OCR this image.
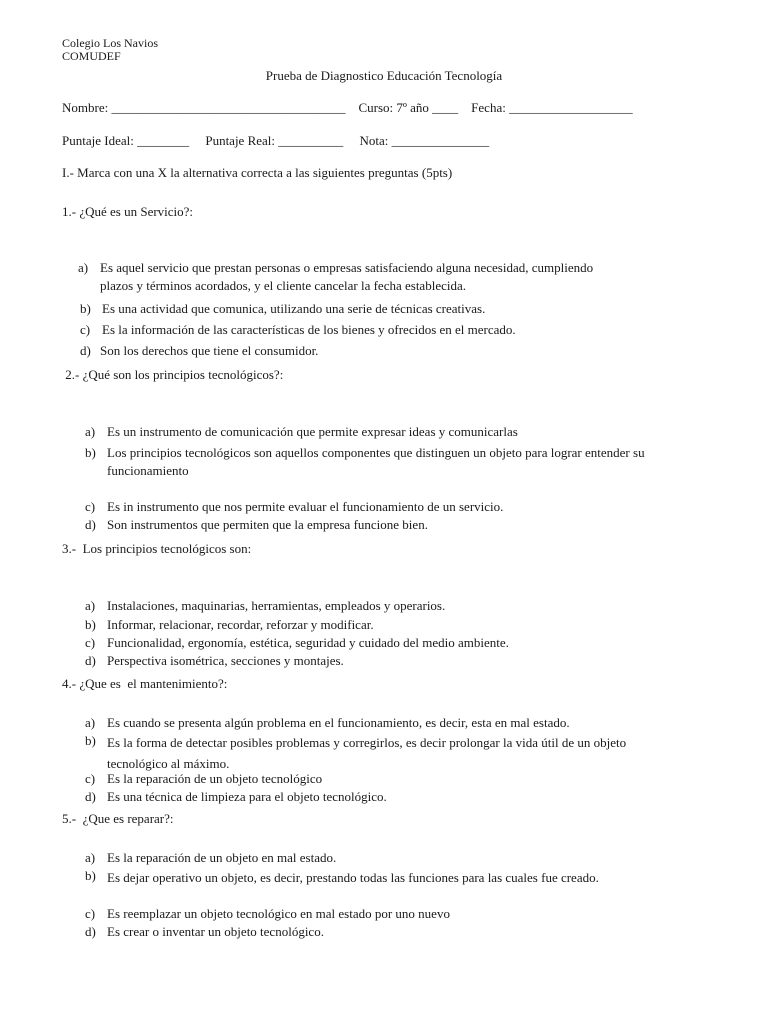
Colegio Los Navios
COMUDEF
Prueba de Diagnostico Educación Tecnología
Nombre: ____________________________________    Curso: 7º año ____    Fecha: ___________________
Puntaje Ideal: ________     Puntaje Real: __________     Nota: _______________
I.- Marca con una X la alternativa correcta a las siguientes preguntas (5pts)
1.- ¿Qué es un Servicio?:
a) Es aquel servicio que prestan personas o empresas satisfaciendo alguna necesidad, cumpliendo plazos y términos acordados, y el cliente cancelar la fecha establecida.
b) Es una actividad que comunica, utilizando una serie de técnicas creativas.
c) Es la información de las características de los bienes y ofrecidos en el mercado.
d) Son los derechos que tiene el consumidor.
2.- ¿Qué son los principios tecnológicos?:
a) Es un instrumento de comunicación que permite expresar ideas y comunicarlas
b) Los principios tecnológicos son aquellos componentes que distinguen un objeto para lograr entender su funcionamiento
c) Es in instrumento que nos permite evaluar el funcionamiento de un servicio.
d) Son instrumentos que permiten que la empresa funcione bien.
3.-  Los principios tecnológicos son:
a) Instalaciones, maquinarias, herramientas, empleados y operarios.
b) Informar, relacionar, recordar, reforzar y modificar.
c) Funcionalidad, ergonomía, estética, seguridad y cuidado del medio ambiente.
d) Perspectiva isométrica, secciones y montajes.
4.- ¿Que es  el mantenimiento?:
a) Es cuando se presenta algún problema en el funcionamiento, es decir, esta en mal estado.
b) Es la forma de detectar posibles problemas y corregirlos, es decir prolongar la vida útil de un objeto tecnológico al máximo.
c) Es la reparación de un objeto tecnológico
d) Es una técnica de limpieza para el objeto tecnológico.
5.-  ¿Que es reparar?:
a) Es la reparación de un objeto en mal estado.
b) Es dejar operativo un objeto, es decir, prestando todas las funciones para las cuales fue creado.
c) Es reemplazar un objeto tecnológico en mal estado por uno nuevo
d) Es crear o inventar un objeto tecnológico.
